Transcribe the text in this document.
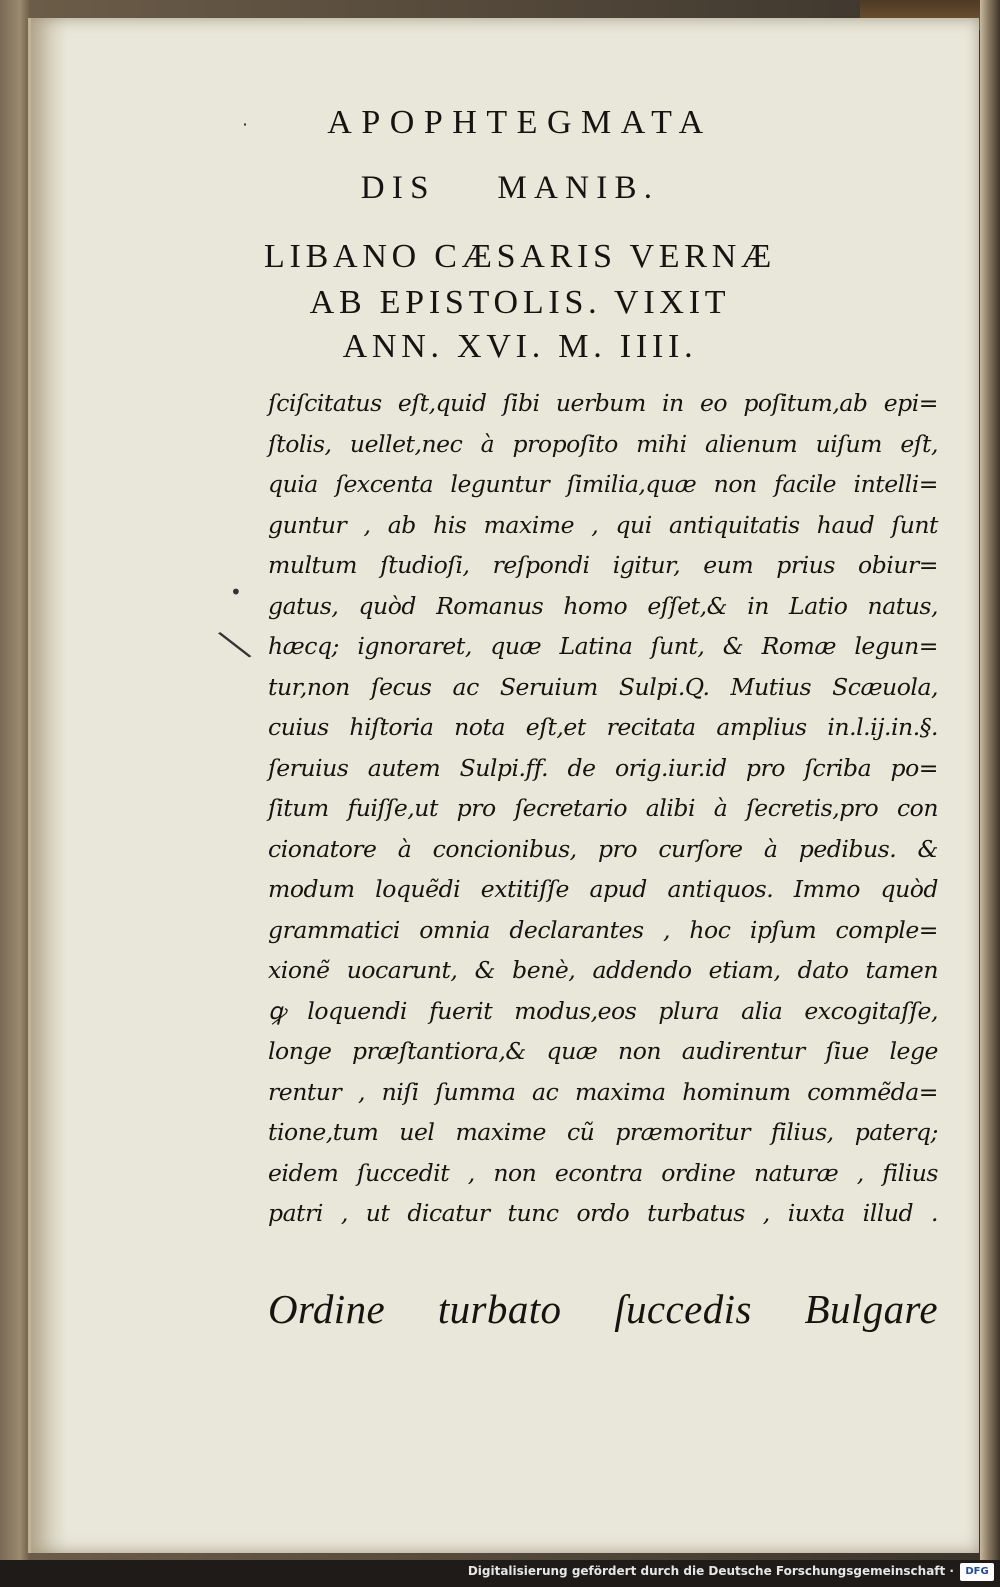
˙
•
╲
APOPHTEGMATA
DIS MANIB.
LIBANO CÆSARIS VERNÆ
AB EPISTOLIS. VIXIT
ANN. XVI. M. IIII.
ſciſcitatus eſt,quid ſibi uerbum in eo poſitum,ab epi=
ſtolis, uellet,nec à propoſito mihi alienum uiſum eſt,
quia ſexcenta leguntur ſimilia,quæ non facile intelli=
guntur , ab his maxime , qui antiquitatis haud ſunt
multum ſtudioſi, reſpondi igitur, eum prius obiur=
gatus, quòd Romanus homo eſſet,& in Latio natus,
hæcq; ignoraret, quæ Latina ſunt, & Romæ legun=
tur,non ſecus ac Seruium Sulpi.Q. Mutius Scæuola,
cuius hiſtoria nota eſt,et recitata amplius in.l.ij.in.§.
ſeruius autem Sulpi.ff. de orig.iur.id pro ſcriba po=
ſitum fuiſſe,ut pro ſecretario alibi à ſecretis,pro con
cionatore à concionibus, pro curſore à pedibus. &
modum loquẽdi extitiſſe apud antiquos. Immo quòd
grammatici omnia declarantes , hoc ipſum comple=
xionẽ uocarunt, & benè, addendo etiam, dato tamen
ꝙ loquendi fuerit modus,eos plura alia excogitaſſe,
longe præſtantiora,& quæ non audirentur ſiue lege
rentur , niſi ſumma ac maxima hominum commẽda=
tione,tum uel maxime cũ præmoritur filius, paterq;
eidem ſuccedit , non econtra ordine naturæ , filius
patri , ut dicatur tunc ordo turbatus , iuxta illud .
Ordine turbato ſuccedis Bulgare
Digitalisierung gefördert durch die Deutsche Forschungsgemeinschaft ·	DFG
